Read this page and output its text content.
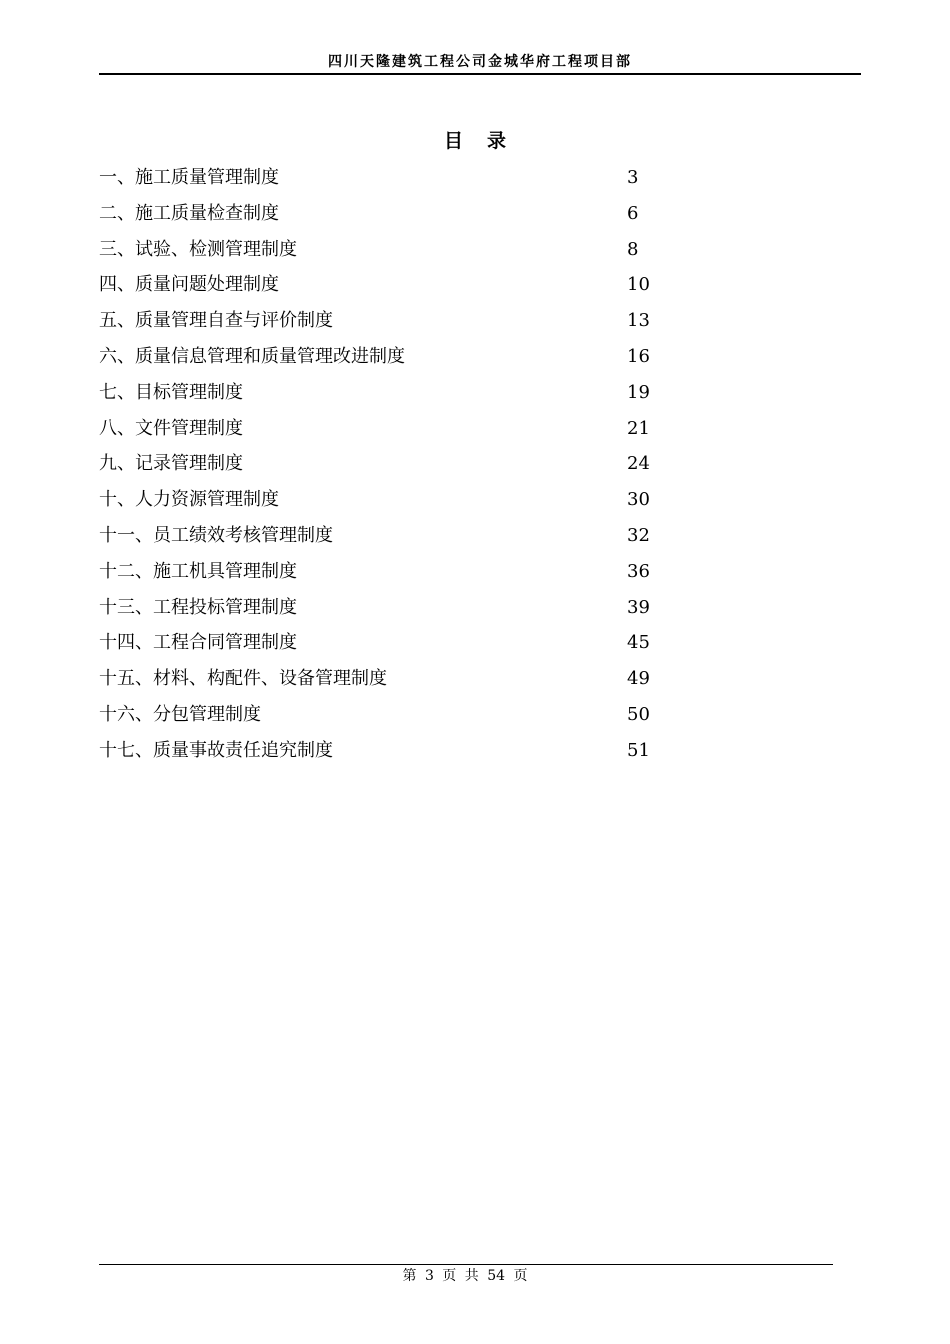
四川天隆建筑工程公司金城华府工程项目部
目录
一、施工质量管理制度	3
二、施工质量检查制度	6
三、试验、检测管理制度	8
四、质量问题处理制度	10
五、质量管理自查与评价制度	13
六、质量信息管理和质量管理改进制度	16
七、目标管理制度	19
八、文件管理制度	21
九、记录管理制度	24
十、人力资源管理制度	30
十一、员工绩效考核管理制度	32
十二、施工机具管理制度	36
十三、工程投标管理制度	39
十四、工程合同管理制度	45
十五、材料、构配件、设备管理制度	49
十六、分包管理制度	50
十七、质量事故责任追究制度	51
第 3 页 共 54 页
